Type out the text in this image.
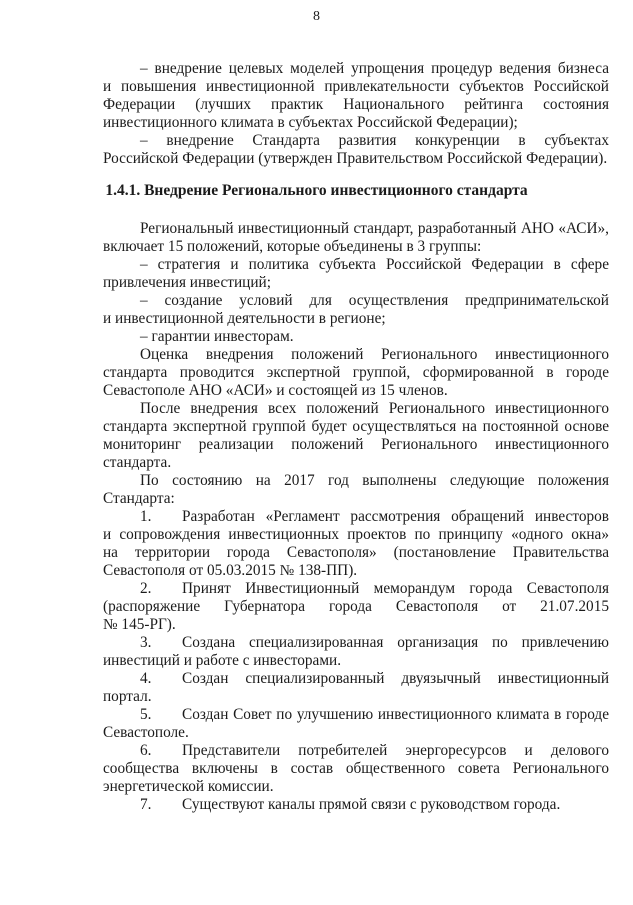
8
– внедрение целевых моделей упрощения процедур ведения бизнеса
и повышения инвестиционной привлекательности субъектов Российской
Федерации (лучших практик Национального рейтинга состояния
инвестиционного климата в субъектах Российской Федерации);
– внедрение Стандарта развития конкуренции в субъектах
Российской Федерации (утвержден Правительством Российской Федерации).
1.4.1. Внедрение Регионального инвестиционного стандарта
Региональный инвестиционный стандарт, разработанный АНО «АСИ»,
включает 15 положений, которые объединены в 3 группы:
– стратегия и политика субъекта Российской Федерации в сфере
привлечения инвестиций;
– создание условий для осуществления предпринимательской
и инвестиционной деятельности в регионе;
– гарантии инвесторам.
Оценка внедрения положений Регионального инвестиционного
стандарта проводится экспертной группой, сформированной в городе
Севастополе АНО «АСИ» и состоящей из 15 членов.
После внедрения всех положений Регионального инвестиционного
стандарта экспертной группой будет осуществляться на постоянной основе
мониторинг реализации положений Регионального инвестиционного
стандарта.
По состоянию на 2017 год выполнены следующие положения
Стандарта:
1. Разработан «Регламент рассмотрения обращений инвесторов
и сопровождения инвестиционных проектов по принципу «одного окна»
на территории города Севастополя» (постановление Правительства
Севастополя от 05.03.2015 № 138-ПП).
2. Принят Инвестиционный меморандум города Севастополя
(распоряжение Губернатора города Севастополя от 21.07.2015
№ 145-РГ).
3. Создана специализированная организация по привлечению
инвестиций и работе с инвесторами.
4. Создан специализированный двуязычный инвестиционный
портал.
5. Создан Совет по улучшению инвестиционного климата в городе
Севастополе.
6. Представители потребителей энергоресурсов и делового
сообщества включены в состав общественного совета Регионального
энергетической комиссии.
7. Существуют каналы прямой связи с руководством города.
